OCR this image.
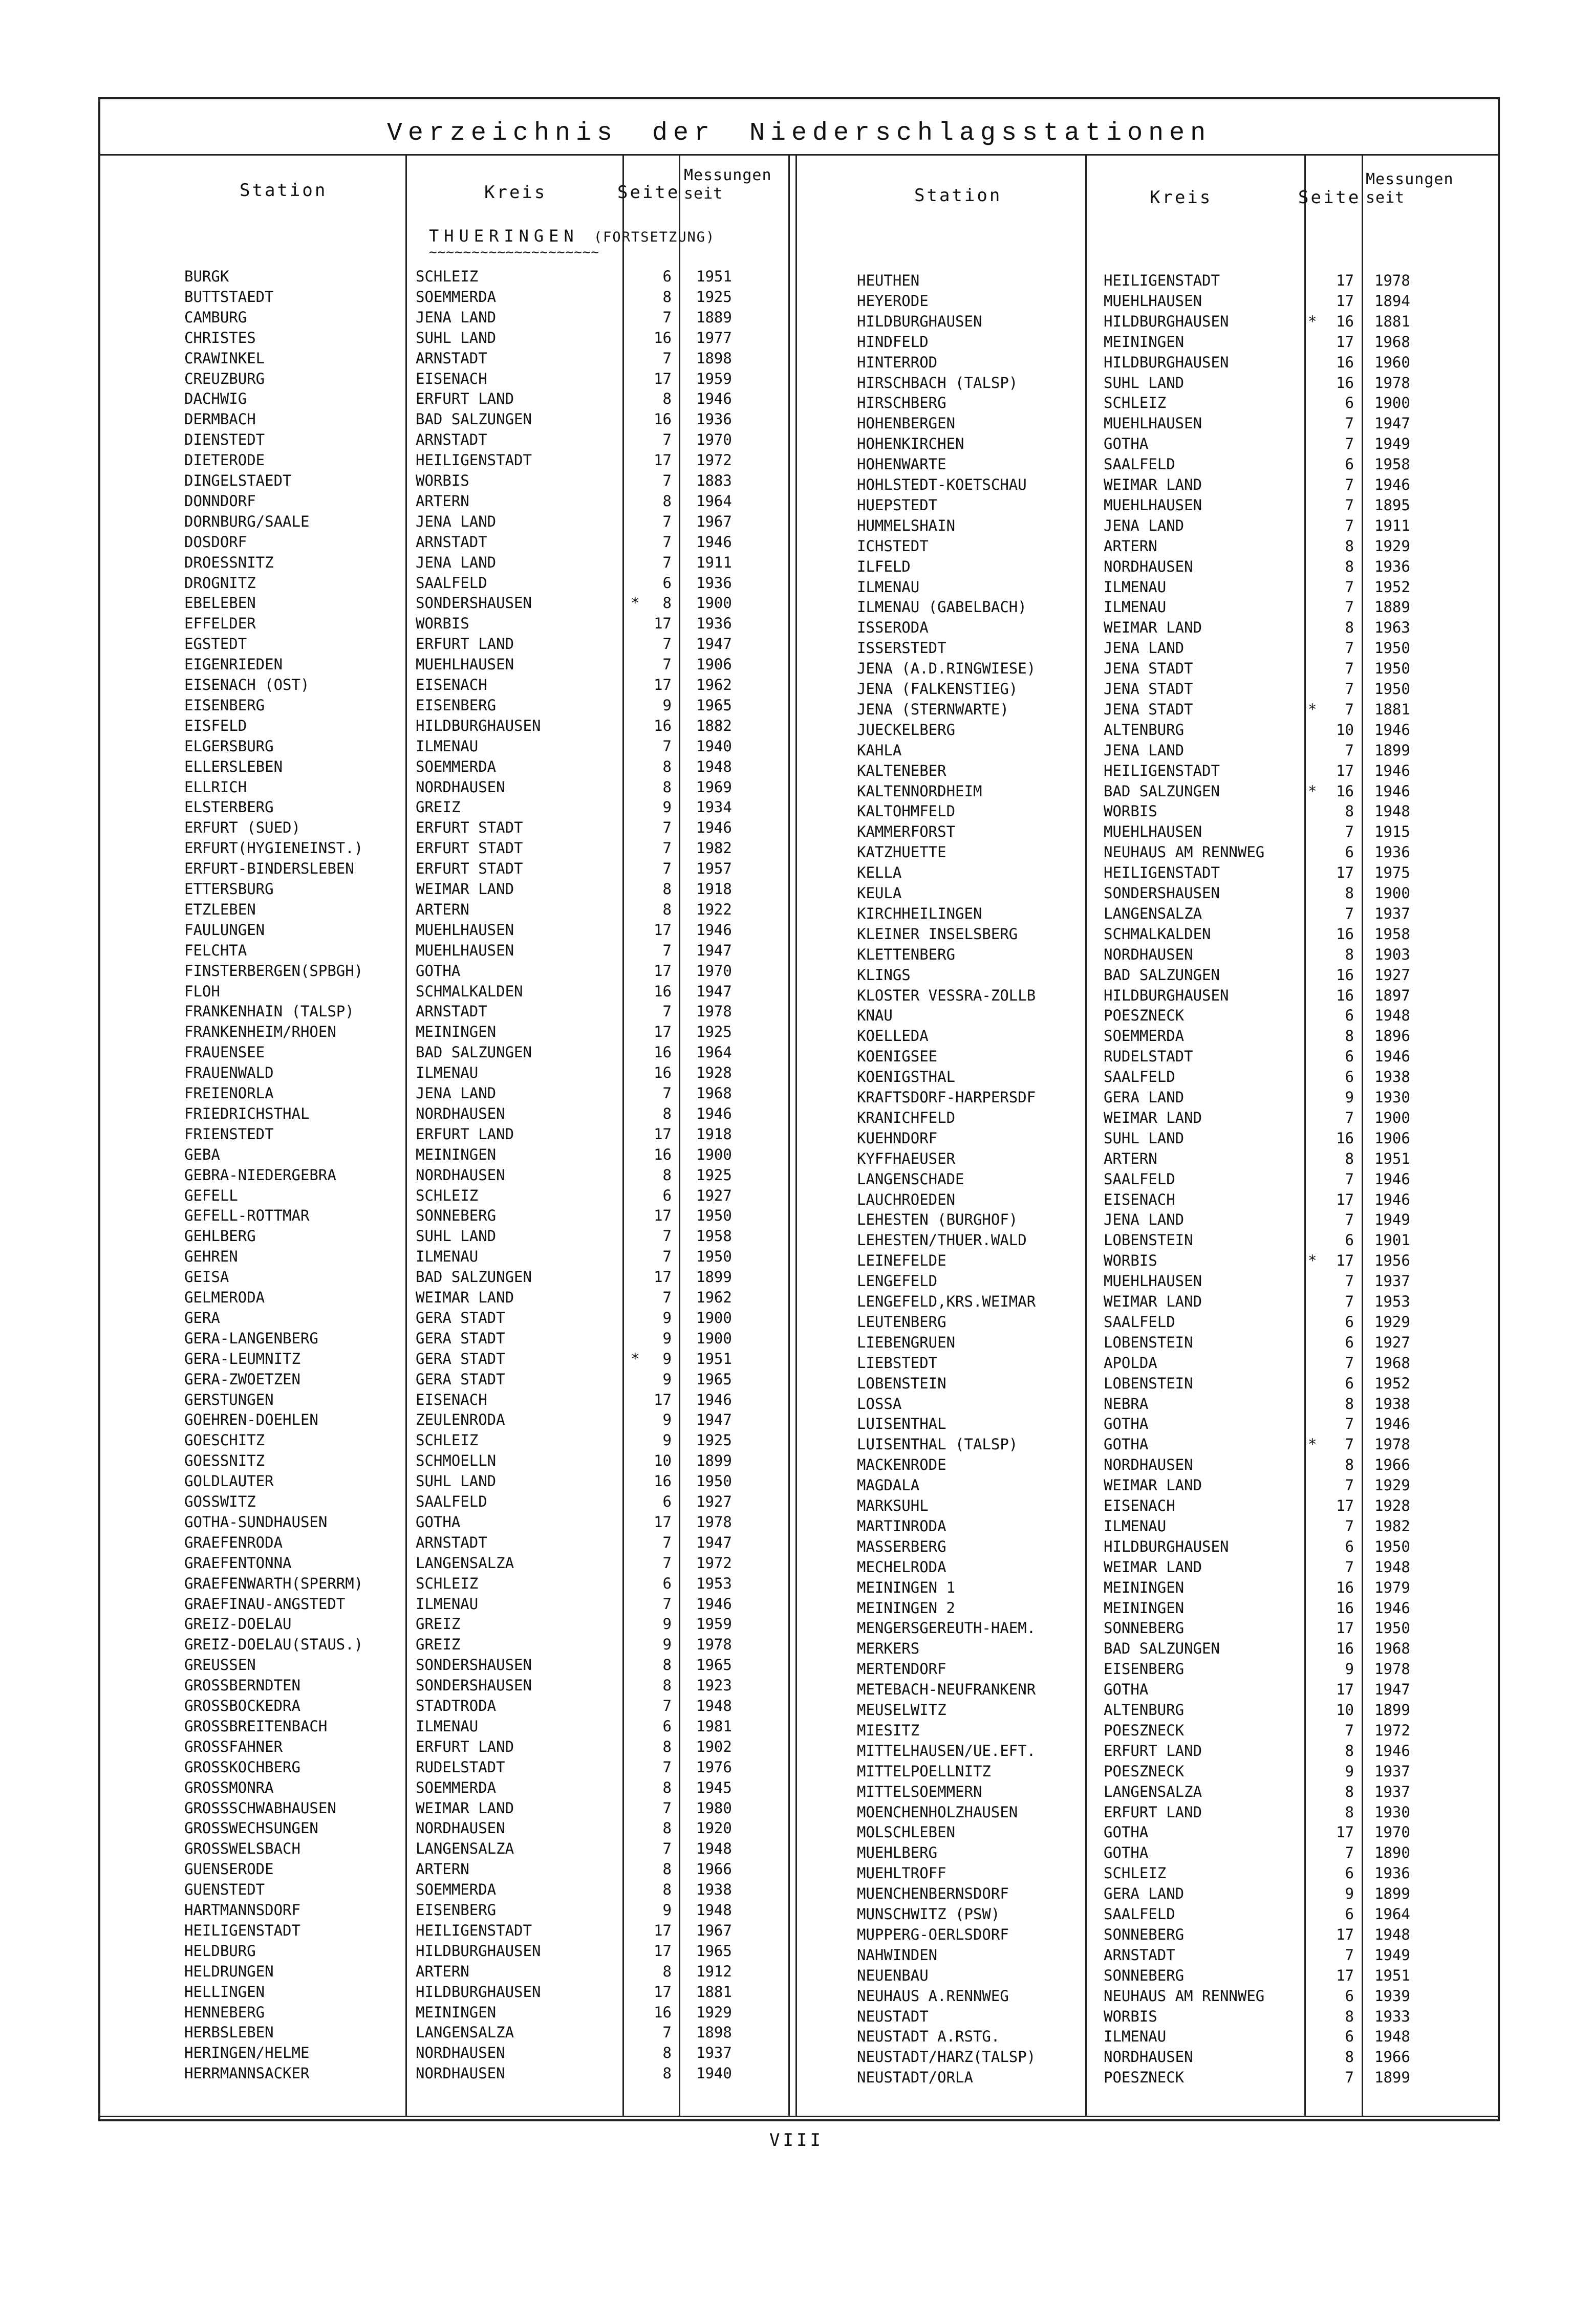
Verzeichnis der Niederschlagsstationen
Station	Kreis	Seite
Messungen
seit	Station	Kreis	Seite
Messungen
seit
THUERINGEN (FORTSETZUNG)
~~~~~~~~~~~~~~~~~~~~
BURGK	SCHLEIZ	6 1951
BUTTSTAEDT	SOEMMERDA	8 1925
CAMBURG	JENA LAND	7 1889
CHRISTES	SUHL LAND	16 1977
CRAWINKEL	ARNSTADT	7 1898
CREUZBURG	EISENACH	17 1959
DACHWIG	ERFURT LAND	8 1946
DERMBACH	BAD SALZUNGEN	16 1936
DIENSTEDT	ARNSTADT	7 1970
DIETERODE	HEILIGENSTADT	17 1972
DINGELSTAEDT	WORBIS	7 1883
DONNDORF	ARTERN	8 1964
DORNBURG/SAALE	JENA LAND	7 1967
DOSDORF	ARNSTADT	7 1946
DROESSNITZ	JENA LAND	7 1911
DROGNITZ	SAALFELD	6 1936
EBELEBEN	SONDERSHAUSEN	*	8 1900
EFFELDER	WORBIS	17 1936
EGSTEDT	ERFURT LAND	7 1947
EIGENRIEDEN	MUEHLHAUSEN	7 1906
EISENACH (OST)	EISENACH	17 1962
EISENBERG	EISENBERG	9 1965
EISFELD	HILDBURGHAUSEN	16 1882
ELGERSBURG	ILMENAU	7 1940
ELLERSLEBEN	SOEMMERDA	8 1948
ELLRICH	NORDHAUSEN	8 1969
ELSTERBERG	GREIZ	9 1934
ERFURT (SUED)	ERFURT STADT	7 1946
ERFURT(HYGIENEINST.)	ERFURT STADT	7 1982
ERFURT-BINDERSLEBEN	ERFURT STADT	7 1957
ETTERSBURG	WEIMAR LAND	8 1918
ETZLEBEN	ARTERN	8 1922
FAULUNGEN	MUEHLHAUSEN	17 1946
FELCHTA	MUEHLHAUSEN	7 1947
FINSTERBERGEN(SPBGH)	GOTHA	17 1970
FLOH	SCHMALKALDEN	16 1947
FRANKENHAIN (TALSP)	ARNSTADT	7 1978
FRANKENHEIM/RHOEN	MEININGEN	17 1925
FRAUENSEE	BAD SALZUNGEN	16 1964
FRAUENWALD	ILMENAU	16 1928
FREIENORLA	JENA LAND	7 1968
FRIEDRICHSTHAL	NORDHAUSEN	8 1946
FRIENSTEDT	ERFURT LAND	17 1918
GEBA	MEININGEN	16 1900
GEBRA-NIEDERGEBRA	NORDHAUSEN	8 1925
GEFELL	SCHLEIZ	6 1927
GEFELL-ROTTMAR	SONNEBERG	17 1950
GEHLBERG	SUHL LAND	7 1958
GEHREN	ILMENAU	7 1950
GEISA	BAD SALZUNGEN	17 1899
GELMERODA	WEIMAR LAND	7 1962
GERA	GERA STADT	9 1900
GERA-LANGENBERG	GERA STADT	9 1900
GERA-LEUMNITZ	GERA STADT	*	9 1951
GERA-ZWOETZEN	GERA STADT	9 1965
GERSTUNGEN	EISENACH	17 1946
GOEHREN-DOEHLEN	ZEULENRODA	9 1947
GOESCHITZ	SCHLEIZ	9 1925
GOESSNITZ	SCHMOELLN	10 1899
GOLDLAUTER	SUHL LAND	16 1950
GOSSWITZ	SAALFELD	6 1927
GOTHA-SUNDHAUSEN	GOTHA	17 1978
GRAEFENRODA	ARNSTADT	7 1947
GRAEFENTONNA	LANGENSALZA	7 1972
GRAEFENWARTH(SPERRM)	SCHLEIZ	6 1953
GRAEFINAU-ANGSTEDT	ILMENAU	7 1946
GREIZ-DOELAU	GREIZ	9 1959
GREIZ-DOELAU(STAUS.)	GREIZ	9 1978
GREUSSEN	SONDERSHAUSEN	8 1965
GROSSBERNDTEN	SONDERSHAUSEN	8 1923
GROSSBOCKEDRA	STADTRODA	7 1948
GROSSBREITENBACH	ILMENAU	6 1981
GROSSFAHNER	ERFURT LAND	8 1902
GROSSKOCHBERG	RUDELSTADT	7 1976
GROSSMONRA	SOEMMERDA	8 1945
GROSSSCHWABHAUSEN	WEIMAR LAND	7 1980
GROSSWECHSUNGEN	NORDHAUSEN	8 1920
GROSSWELSBACH	LANGENSALZA	7 1948
GUENSERODE	ARTERN	8 1966
GUENSTEDT	SOEMMERDA	8 1938
HARTMANNSDORF	EISENBERG	9 1948
HEILIGENSTADT	HEILIGENSTADT	17 1967
HELDBURG	HILDBURGHAUSEN	17 1965
HELDRUNGEN	ARTERN	8 1912
HELLINGEN	HILDBURGHAUSEN	17 1881
HENNEBERG	MEININGEN	16 1929
HERBSLEBEN	LANGENSALZA	7 1898
HERINGEN/HELME	NORDHAUSEN	8 1937
HERRMANNSACKER	NORDHAUSEN	8 1940
HEUTHEN	HEILIGENSTADT	17 1978
HEYERODE	MUEHLHAUSEN	17 1894
HILDBURGHAUSEN	HILDBURGHAUSEN	*	16 1881
HINDFELD	MEININGEN	17 1968
HINTERROD	HILDBURGHAUSEN	16 1960
HIRSCHBACH (TALSP)	SUHL LAND	16 1978
HIRSCHBERG	SCHLEIZ	6 1900
HOHENBERGEN	MUEHLHAUSEN	7 1947
HOHENKIRCHEN	GOTHA	7 1949
HOHENWARTE	SAALFELD	6 1958
HOHLSTEDT-KOETSCHAU	WEIMAR LAND	7 1946
HUEPSTEDT	MUEHLHAUSEN	7 1895
HUMMELSHAIN	JENA LAND	7 1911
ICHSTEDT	ARTERN	8 1929
ILFELD	NORDHAUSEN	8 1936
ILMENAU	ILMENAU	7 1952
ILMENAU (GABELBACH)	ILMENAU	7 1889
ISSERODA	WEIMAR LAND	8 1963
ISSERSTEDT	JENA LAND	7 1950
JENA (A.D.RINGWIESE)	JENA STADT	7 1950
JENA (FALKENSTIEG)	JENA STADT	7 1950
JENA (STERNWARTE)	JENA STADT	*	7 1881
JUECKELBERG	ALTENBURG	10 1946
KAHLA	JENA LAND	7 1899
KALTENEBER	HEILIGENSTADT	17 1946
KALTENNORDHEIM	BAD SALZUNGEN	*	16 1946
KALTOHMFELD	WORBIS	8 1948
KAMMERFORST	MUEHLHAUSEN	7 1915
KATZHUETTE	NEUHAUS AM RENNWEG	6 1936
KELLA	HEILIGENSTADT	17 1975
KEULA	SONDERSHAUSEN	8 1900
KIRCHHEILINGEN	LANGENSALZA	7 1937
KLEINER INSELSBERG	SCHMALKALDEN	16 1958
KLETTENBERG	NORDHAUSEN	8 1903
KLINGS	BAD SALZUNGEN	16 1927
KLOSTER VESSRA-ZOLLB	HILDBURGHAUSEN	16 1897
KNAU	POESZNECK	6 1948
KOELLEDA	SOEMMERDA	8 1896
KOENIGSEE	RUDELSTADT	6 1946
KOENIGSTHAL	SAALFELD	6 1938
KRAFTSDORF-HARPERSDF	GERA LAND	9 1930
KRANICHFELD	WEIMAR LAND	7 1900
KUEHNDORF	SUHL LAND	16 1906
KYFFHAEUSER	ARTERN	8 1951
LANGENSCHADE	SAALFELD	7 1946
LAUCHROEDEN	EISENACH	17 1946
LEHESTEN (BURGHOF)	JENA LAND	7 1949
LEHESTEN/THUER.WALD	LOBENSTEIN	6 1901
LEINEFELDE	WORBIS	*	17 1956
LENGEFELD	MUEHLHAUSEN	7 1937
LENGEFELD,KRS.WEIMAR	WEIMAR LAND	7 1953
LEUTENBERG	SAALFELD	6 1929
LIEBENGRUEN	LOBENSTEIN	6 1927
LIEBSTEDT	APOLDA	7 1968
LOBENSTEIN	LOBENSTEIN	6 1952
LOSSA	NEBRA	8 1938
LUISENTHAL	GOTHA	7 1946
LUISENTHAL (TALSP)	GOTHA	*	7 1978
MACKENRODE	NORDHAUSEN	8 1966
MAGDALA	WEIMAR LAND	7 1929
MARKSUHL	EISENACH	17 1928
MARTINRODA	ILMENAU	7 1982
MASSERBERG	HILDBURGHAUSEN	6 1950
MECHELRODA	WEIMAR LAND	7 1948
MEININGEN 1	MEININGEN	16 1979
MEININGEN 2	MEININGEN	16 1946
MENGERSGEREUTH-HAEM.	SONNEBERG	17 1950
MERKERS	BAD SALZUNGEN	16 1968
MERTENDORF	EISENBERG	9 1978
METEBACH-NEUFRANKENR	GOTHA	17 1947
MEUSELWITZ	ALTENBURG	10 1899
MIESITZ	POESZNECK	7 1972
MITTELHAUSEN/UE.EFT.	ERFURT LAND	8 1946
MITTELPOELLNITZ	POESZNECK	9 1937
MITTELSOEMMERN	LANGENSALZA	8 1937
MOENCHENHOLZHAUSEN	ERFURT LAND	8 1930
MOLSCHLEBEN	GOTHA	17 1970
MUEHLBERG	GOTHA	7 1890
MUEHLTROFF	SCHLEIZ	6 1936
MUENCHENBERNSDORF	GERA LAND	9 1899
MUNSCHWITZ (PSW)	SAALFELD	6 1964
MUPPERG-OERLSDORF	SONNEBERG	17 1948
NAHWINDEN	ARNSTADT	7 1949
NEUENBAU	SONNEBERG	17 1951
NEUHAUS A.RENNWEG	NEUHAUS AM RENNWEG	6 1939
NEUSTADT	WORBIS	8 1933
NEUSTADT A.RSTG.	ILMENAU	6 1948
NEUSTADT/HARZ(TALSP)	NORDHAUSEN	8 1966
NEUSTADT/ORLA	POESZNECK	7 1899
VIII
